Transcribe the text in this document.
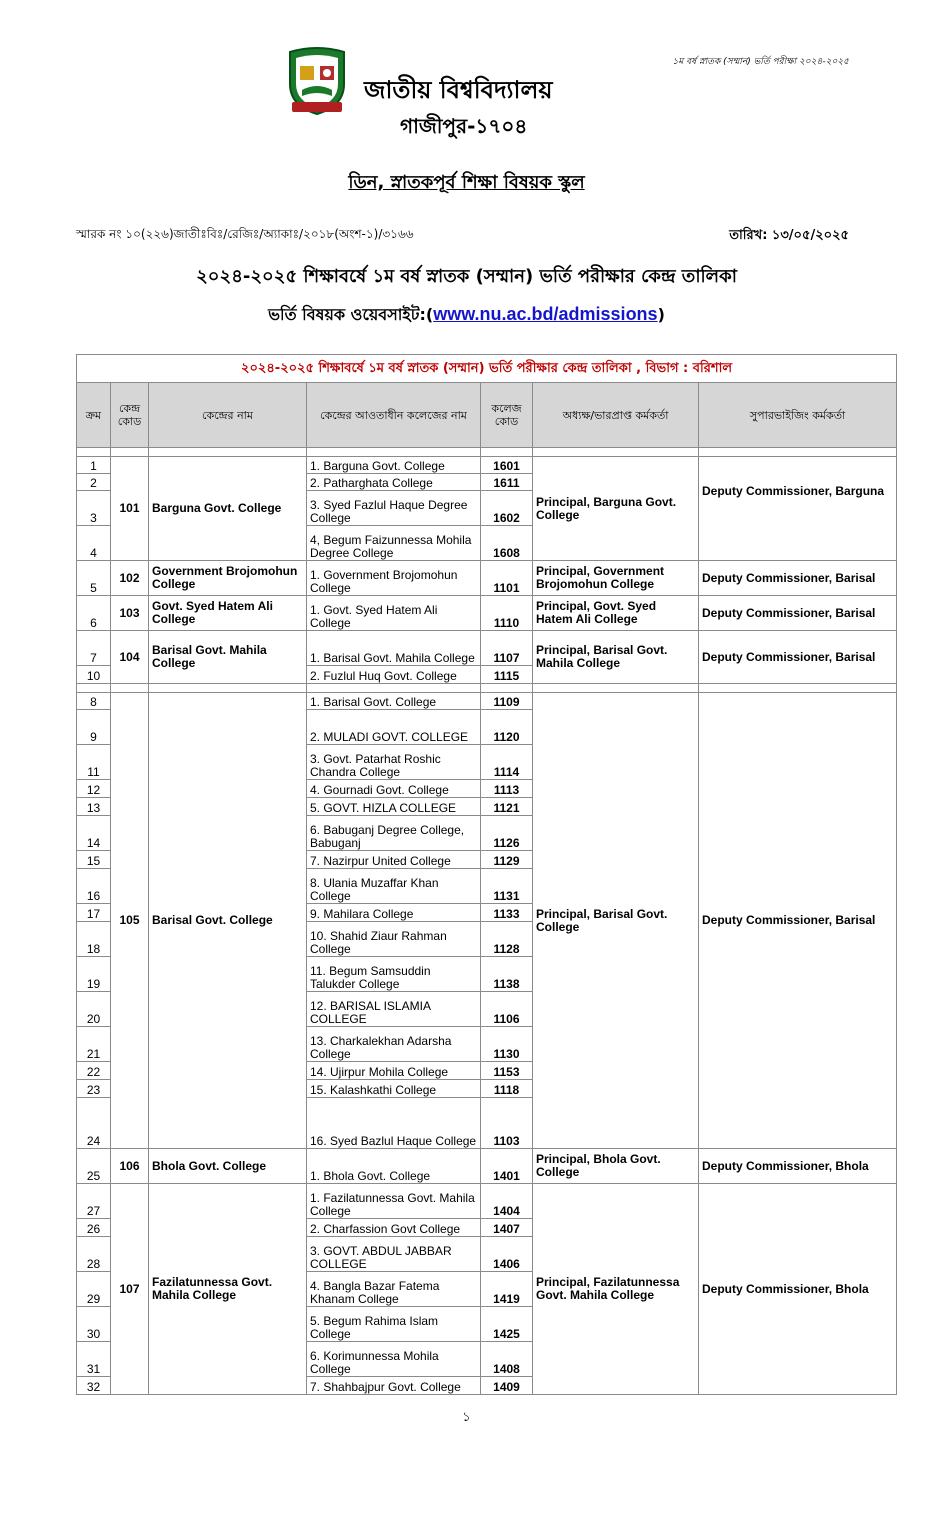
১ম বর্ষ স্নাতক (সম্মান) ভর্তি পরীক্ষা ২০২৪-২০২৫
জাতীয় বিশ্ববিদ্যালয়
গাজীপুর-১৭০৪
ডিন, স্নাতকপূর্ব শিক্ষা বিষয়ক স্কুল
স্মারক নং ১০(২২৬)জাতীঃবিঃ/রেজিঃ/অ্যাকাঃ/২০১৮(অংশ-১)/৩১৬৬	তারিখ: ১৩/০৫/২০২৫
২০২৪-২০২৫ শিক্ষাবর্ষে ১ম বর্ষ স্নাতক (সম্মান) ভর্তি পরীক্ষার কেন্দ্র তালিকা
ভর্তি বিষয়ক ওয়েবসাইট:(www.nu.ac.bd/admissions)
২০২৪-২০২৫ শিক্ষাবর্ষে ১ম বর্ষ স্নাতক (সম্মান) ভর্তি পরীক্ষার কেন্দ্র তালিকা , বিভাগ : বরিশাল						
ক্রম	কেন্দ্র কোড	কেন্দ্রের নাম	কেন্দ্রের আওতাধীন কলেজের নাম	কলেজ কোড	অধ্যক্ষ/ভারপ্রাপ্ত কর্মকর্তা	সুপারভাইজিং কর্মকর্তা

1	101	Barguna Govt. College	1. Barguna Govt. College	1601	Principal, Barguna Govt. College	Deputy Commissioner, Barguna
2			2. Patharghata College	1611		
3			3. Syed Fazlul Haque Degree College	1602		
4			4, Begum Faizunnessa Mohila Degree College	1608		
5	102	Government Brojomohun College	1. Government Brojomohun College	1101	Principal, Government Brojomohun College	Deputy Commissioner, Barisal
6	103	Govt. Syed Hatem Ali College	1. Govt. Syed Hatem Ali College	1110	Principal, Govt. Syed Hatem Ali College	Deputy Commissioner, Barisal
7	104	Barisal Govt. Mahila College	1. Barisal Govt. Mahila College	1107	Principal, Barisal Govt. Mahila College	Deputy Commissioner, Barisal
10			2. Fuzlul Huq Govt. College	1115		

8	105	Barisal Govt. College	1. Barisal Govt. College	1109	Principal, Barisal Govt. College	Deputy Commissioner, Barisal
9			2. MULADI GOVT. COLLEGE	1120		
11			3. Govt. Patarhat Roshic Chandra College	1114		
12			4. Gournadi Govt. College	1113		
13			5. GOVT. HIZLA COLLEGE	1121		
14			6. Babuganj Degree College, Babuganj	1126		
15			7. Nazirpur United College	1129		
16			8. Ulania Muzaffar Khan College	1131		
17			9. Mahilara College	1133		
18			10. Shahid Ziaur Rahman College	1128		
19			11. Begum Samsuddin Talukder College	1138		
20			12. BARISAL ISLAMIA COLLEGE	1106		
21			13. Charkalekhan Adarsha College	1130		
22			14. Ujirpur Mohila College	1153		
23			15. Kalashkathi College	1118		
24			16. Syed Bazlul Haque College	1103		
25	106	Bhola Govt. College	1. Bhola Govt. College	1401	Principal, Bhola Govt. College	Deputy Commissioner, Bhola
27	107	Fazilatunnessa Govt. Mahila College	1. Fazilatunnessa Govt. Mahila College	1404	Principal, Fazilatunnessa Govt. Mahila College	Deputy Commissioner, Bhola
26			2. Charfassion Govt College	1407		
28			3. GOVT. ABDUL JABBAR COLLEGE	1406		
29			4. Bangla Bazar Fatema Khanam College	1419		
30			5. Begum Rahima Islam College	1425		
31			6. Korimunnessa Mohila College	1408		
32			7. Shahbajpur Govt. College	1409		
১
